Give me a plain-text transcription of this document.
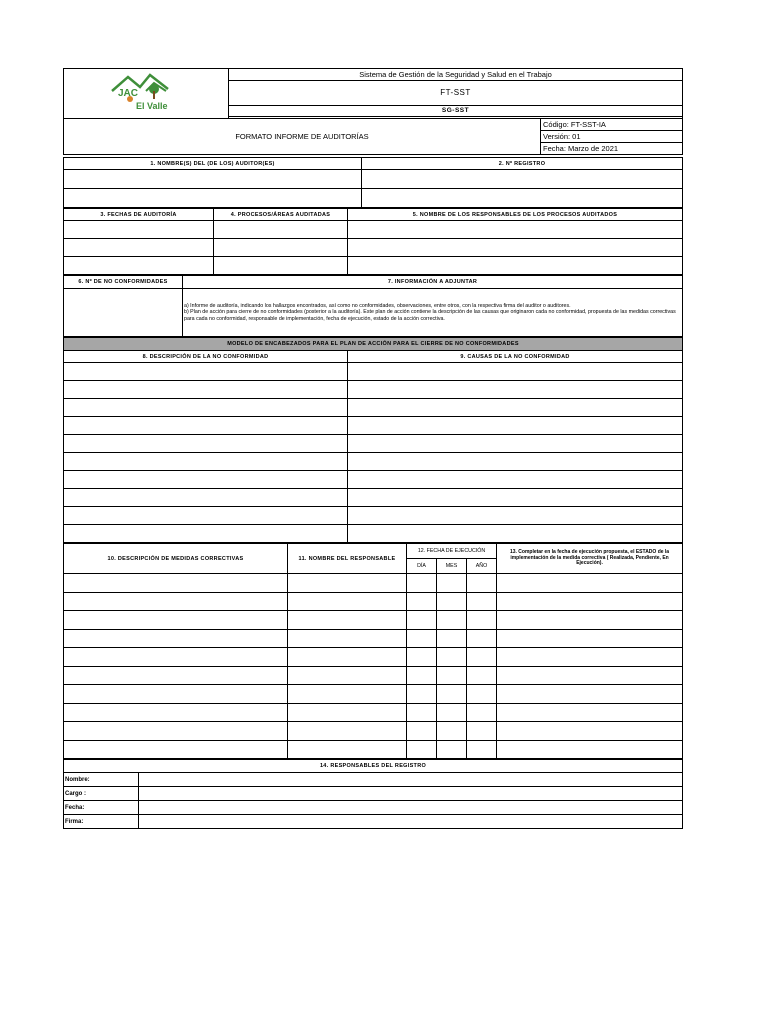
JAC
El Valle	Sistema de Gestión de la Seguridad y Salud en el Trabajo	
	FT-SST	
	SG-SST	

FORMATO INFORME DE AUDITORÍAS		Código: FT-SST-IA
		Versión: 01
		Fecha: Marzo de 2021
1. NOMBRE(S) DEL (DE LOS) AUDITOR(ES)	2. Nº REGISTRO

3. FECHAS DE AUDITORÍA	4. PROCESOS/ÁREAS AUDITADAS	5. NOMBRE DE LOS RESPONSABLES DE LOS PROCESOS AUDITADOS

6. Nº DE NO CONFORMIDADES	7. INFORMACIÓN A ADJUNTAR

	a) Informe de auditoría, indicando los hallazgos encontrados, así como no conformidades, observaciones, entre otros, con la respectiva firma del auditor o auditores.
b) Plan de acción para cierre de no conformidades (posterior a la auditoría). Este plan de acción contiene la descripción de las causas que originaron cada no conformidad, propuesta de las medidas correctivas para cada no conformidad, responsable de implementación, fecha de ejecución, estado de la acción correctiva.
MODELO DE ENCABEZADOS PARA EL PLAN DE ACCIÓN PARA EL CIERRE DE NO CONFORMIDADES	
8. DESCRIPCIÓN DE LA NO CONFORMIDAD	9. CAUSAS DE LA NO CONFORMIDAD

10. DESCRIPCIÓN DE MEDIDAS CORRECTIVAS	11. NOMBRE DEL RESPONSABLE	12. FECHA DE EJECUCIÓN			13. Completar en la fecha de ejecución propuesta, el ESTADO de la implementación de la medida correctiva ( Realizada, Pendiente, En Ejecución).
		DÍA	MES	AÑO	

14. RESPONSABLES DEL REGISTRO	
Nombre:	
Cargo :	
Fecha:	
Firma:	
